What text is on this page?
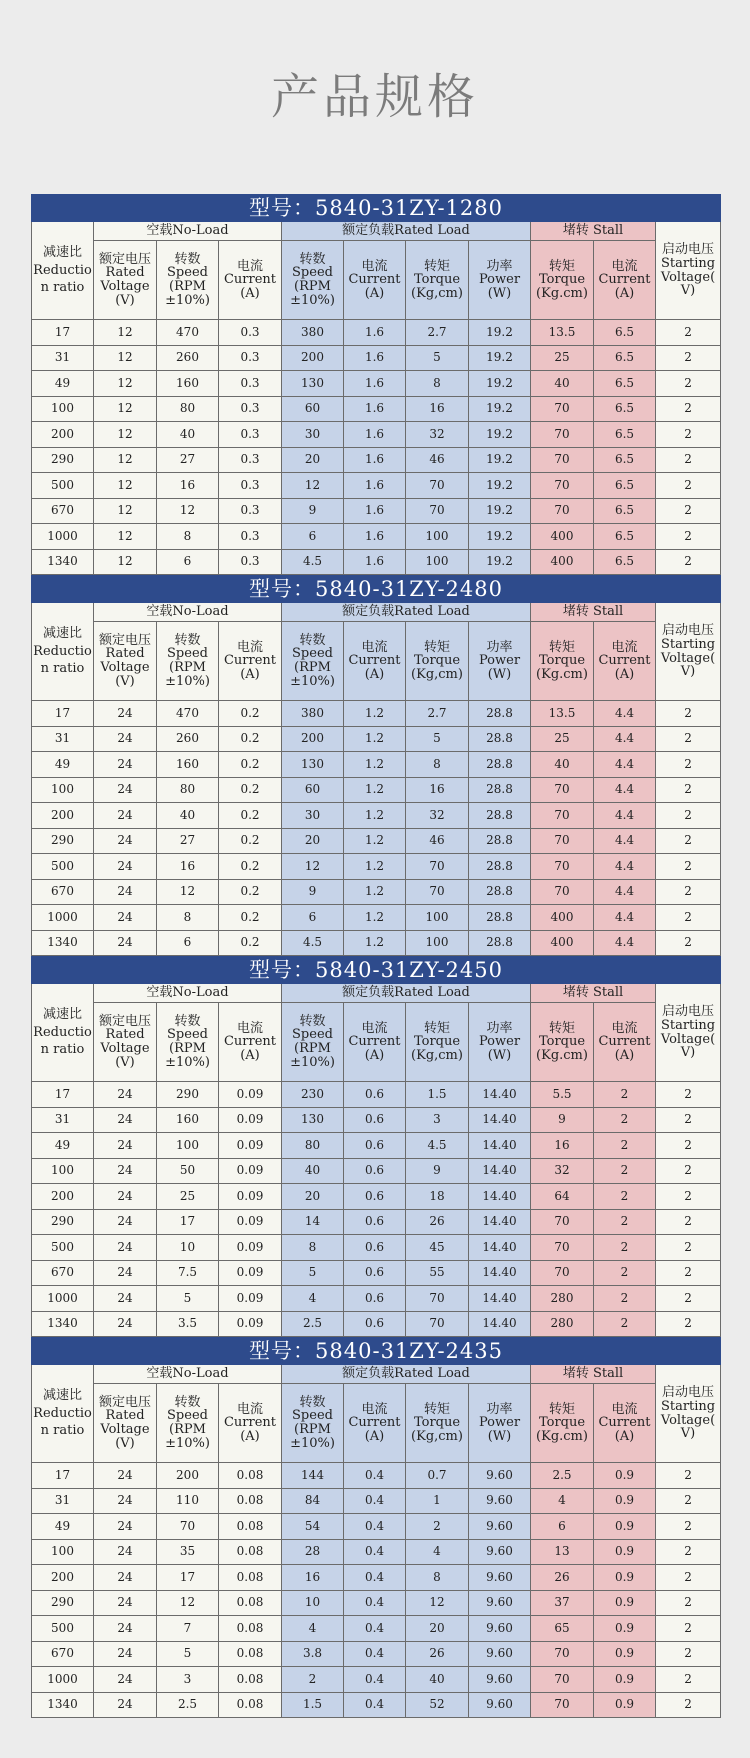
产品规格
型号：5840-31ZY-1280										
减速比 Reductio n ratio	空载No-Load			额定负载Rated Load				堵转 Stall		启动电压 Starting Voltage( V)
	额定电压Rated Voltage (V)	转数 Speed (RPM ±10%)	电流 Current (A)	转数 Speed (RPM ±10%)	电流 Current (A)	转矩 Torque (Kg,cm)	功率 Power (W)	转矩 Torque (Kg.cm)	电流 Current (A)	
17	12	470	0.3	380	1.6	2.7	19.2	13.5	6.5	2
31	12	260	0.3	200	1.6	5	19.2	25	6.5	2
49	12	160	0.3	130	1.6	8	19.2	40	6.5	2
100	12	80	0.3	60	1.6	16	19.2	70	6.5	2
200	12	40	0.3	30	1.6	32	19.2	70	6.5	2
290	12	27	0.3	20	1.6	46	19.2	70	6.5	2
500	12	16	0.3	12	1.6	70	19.2	70	6.5	2
670	12	12	0.3	9	1.6	70	19.2	70	6.5	2
1000	12	8	0.3	6	1.6	100	19.2	400	6.5	2
1340	12	6	0.3	4.5	1.6	100	19.2	400	6.5	2
型号：5840-31ZY-2480										
减速比 Reductio n ratio	空载No-Load			额定负载Rated Load				堵转 Stall		启动电压 Starting Voltage( V)
	额定电压Rated Voltage (V)	转数 Speed (RPM ±10%)	电流 Current (A)	转数 Speed (RPM ±10%)	电流 Current (A)	转矩 Torque (Kg,cm)	功率 Power (W)	转矩 Torque (Kg.cm)	电流 Current (A)	
17	24	470	0.2	380	1.2	2.7	28.8	13.5	4.4	2
31	24	260	0.2	200	1.2	5	28.8	25	4.4	2
49	24	160	0.2	130	1.2	8	28.8	40	4.4	2
100	24	80	0.2	60	1.2	16	28.8	70	4.4	2
200	24	40	0.2	30	1.2	32	28.8	70	4.4	2
290	24	27	0.2	20	1.2	46	28.8	70	4.4	2
500	24	16	0.2	12	1.2	70	28.8	70	4.4	2
670	24	12	0.2	9	1.2	70	28.8	70	4.4	2
1000	24	8	0.2	6	1.2	100	28.8	400	4.4	2
1340	24	6	0.2	4.5	1.2	100	28.8	400	4.4	2
型号：5840-31ZY-2450										
减速比 Reductio n ratio	空载No-Load			额定负载Rated Load				堵转 Stall		启动电压 Starting Voltage( V)
	额定电压Rated Voltage (V)	转数 Speed (RPM ±10%)	电流 Current (A)	转数 Speed (RPM ±10%)	电流 Current (A)	转矩 Torque (Kg,cm)	功率 Power (W)	转矩 Torque (Kg.cm)	电流 Current (A)	
17	24	290	0.09	230	0.6	1.5	14.40	5.5	2	2
31	24	160	0.09	130	0.6	3	14.40	9	2	2
49	24	100	0.09	80	0.6	4.5	14.40	16	2	2
100	24	50	0.09	40	0.6	9	14.40	32	2	2
200	24	25	0.09	20	0.6	18	14.40	64	2	2
290	24	17	0.09	14	0.6	26	14.40	70	2	2
500	24	10	0.09	8	0.6	45	14.40	70	2	2
670	24	7.5	0.09	5	0.6	55	14.40	70	2	2
1000	24	5	0.09	4	0.6	70	14.40	280	2	2
1340	24	3.5	0.09	2.5	0.6	70	14.40	280	2	2
型号：5840-31ZY-2435										
减速比 Reductio n ratio	空载No-Load			额定负载Rated Load				堵转 Stall		启动电压 Starting Voltage( V)
	额定电压Rated Voltage (V)	转数 Speed (RPM ±10%)	电流 Current (A)	转数 Speed (RPM ±10%)	电流 Current (A)	转矩 Torque (Kg,cm)	功率 Power (W)	转矩 Torque (Kg.cm)	电流 Current (A)	
17	24	200	0.08	144	0.4	0.7	9.60	2.5	0.9	2
31	24	110	0.08	84	0.4	1	9.60	4	0.9	2
49	24	70	0.08	54	0.4	2	9.60	6	0.9	2
100	24	35	0.08	28	0.4	4	9.60	13	0.9	2
200	24	17	0.08	16	0.4	8	9.60	26	0.9	2
290	24	12	0.08	10	0.4	12	9.60	37	0.9	2
500	24	7	0.08	4	0.4	20	9.60	65	0.9	2
670	24	5	0.08	3.8	0.4	26	9.60	70	0.9	2
1000	24	3	0.08	2	0.4	40	9.60	70	0.9	2
1340	24	2.5	0.08	1.5	0.4	52	9.60	70	0.9	2
